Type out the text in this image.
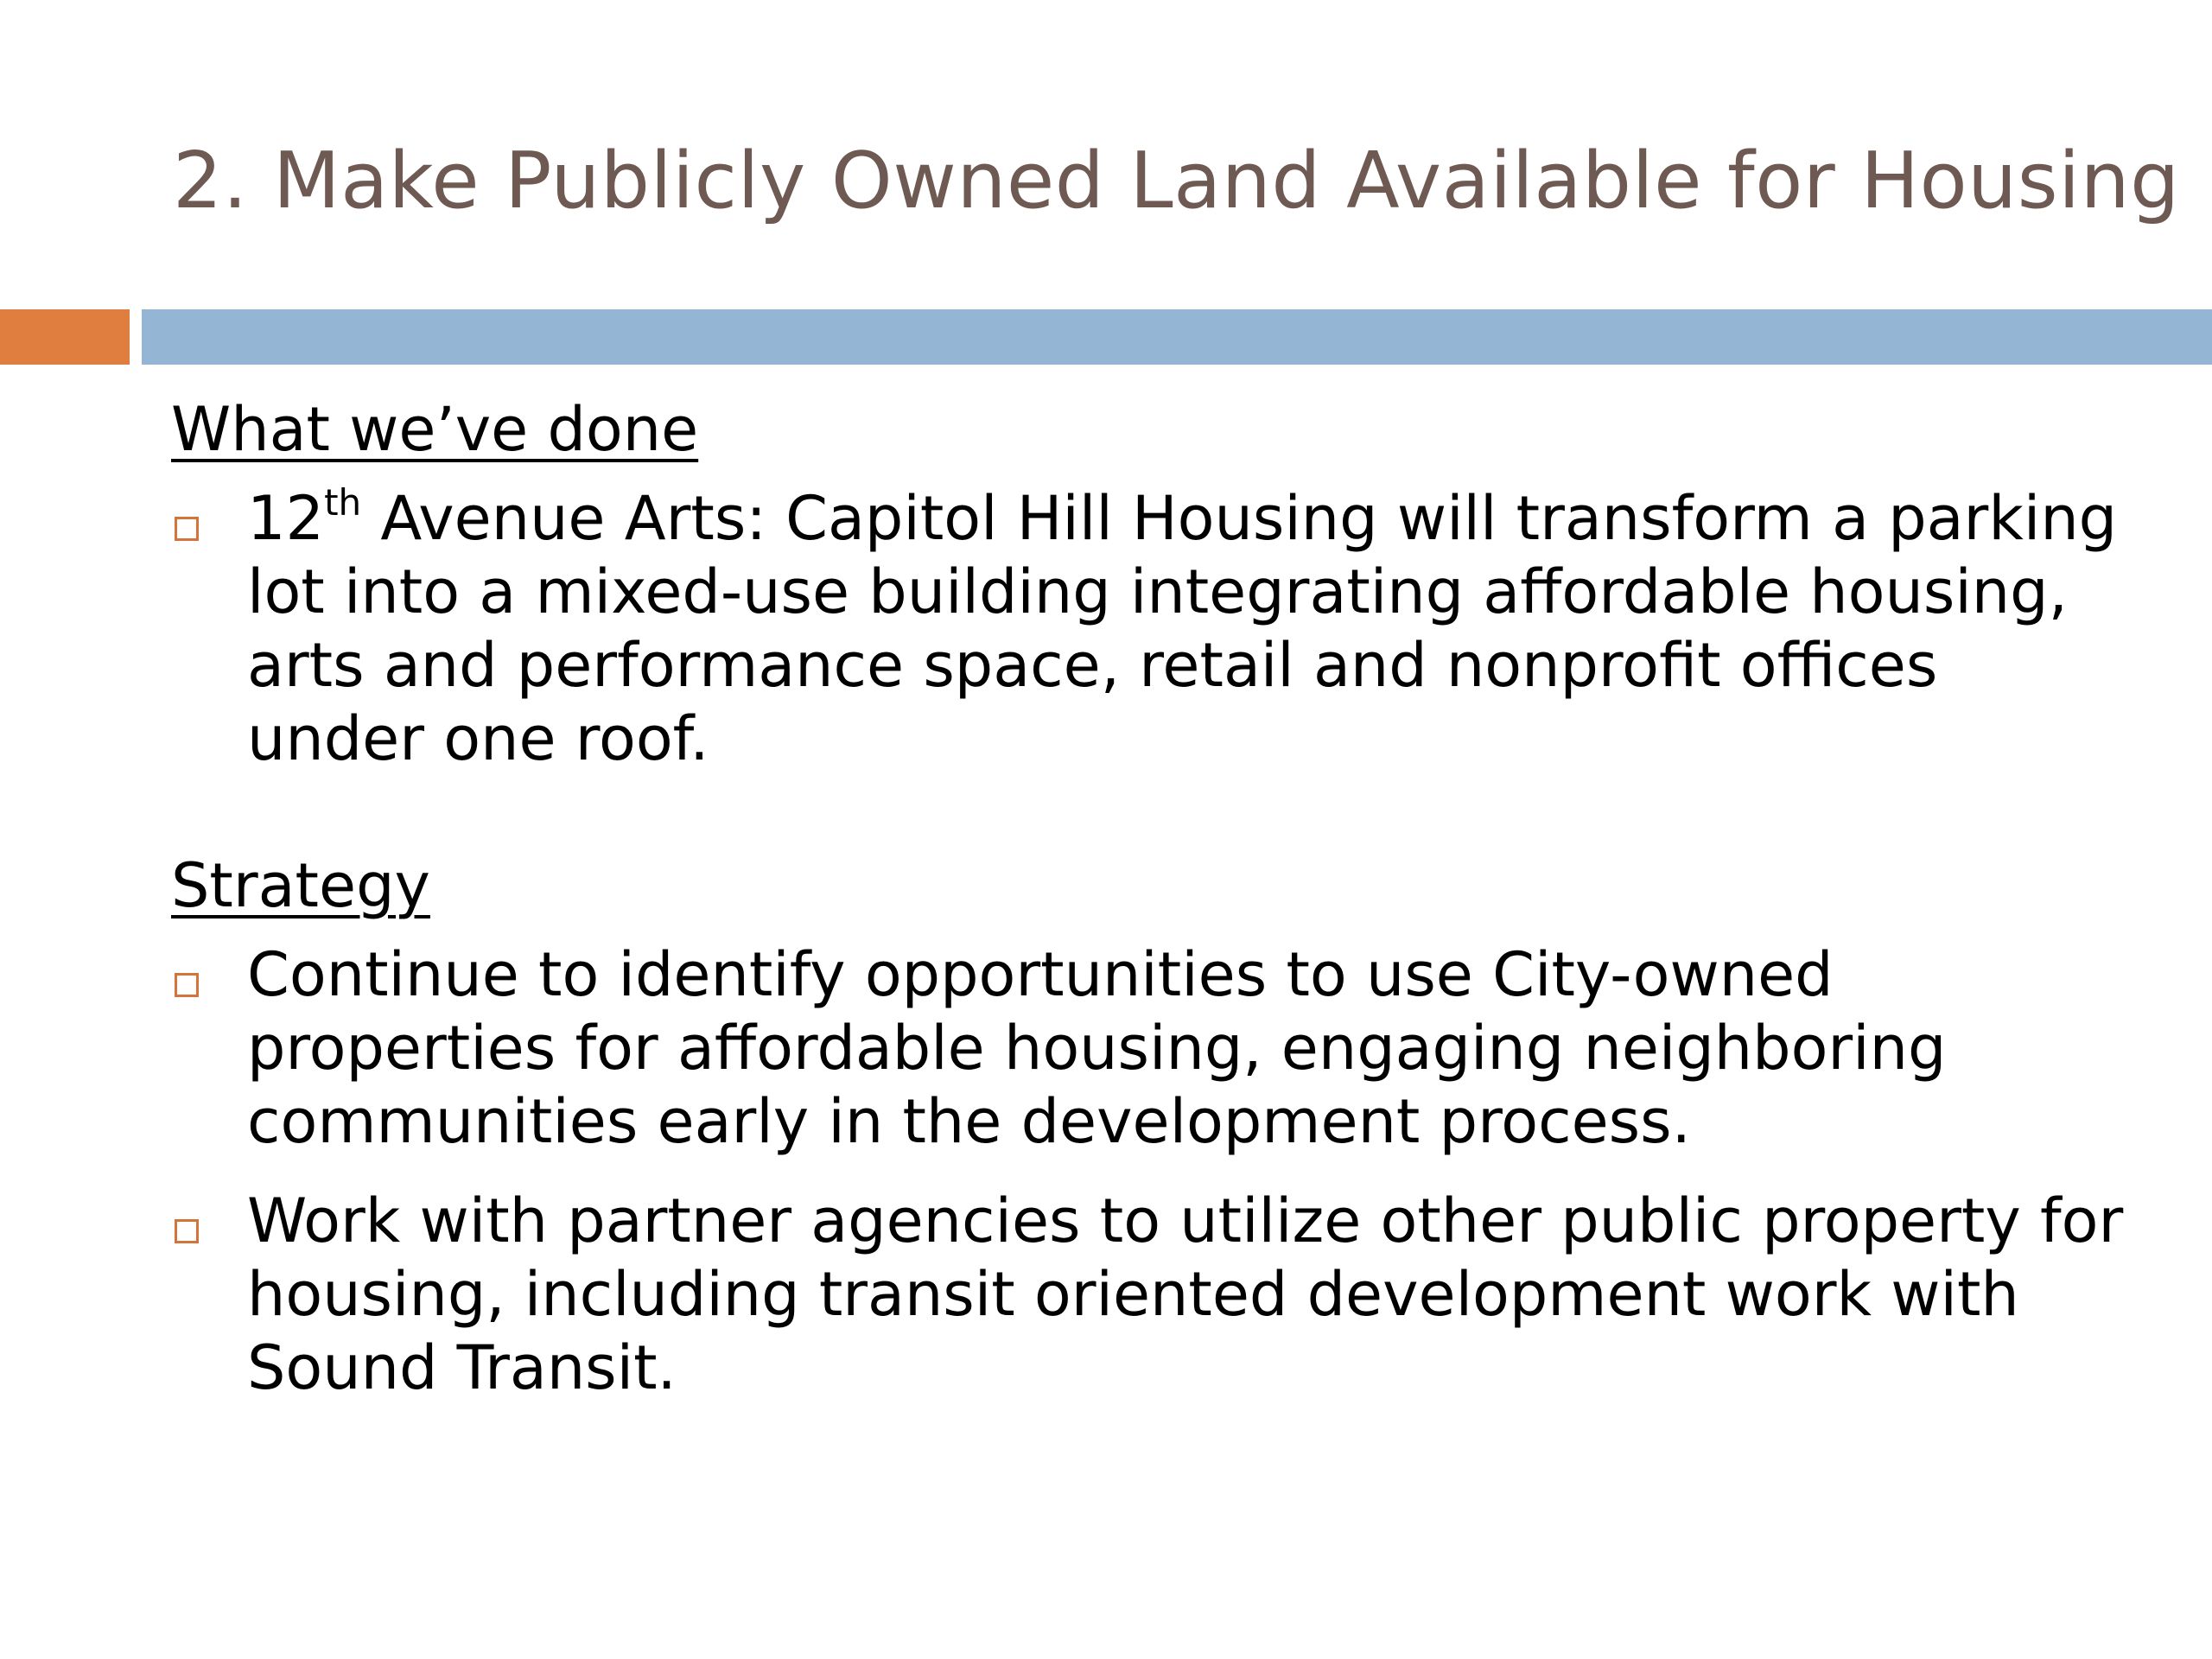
2. Make Publicly Owned Land Available for Housing
What we’ve done
12th Avenue Arts: Capitol Hill Housing will transform a parking lot into a mixed-use building integrating affordable housing, arts and performance space, retail and nonprofit offices under one roof.
Strategy
Continue to identify opportunities to use City-owned properties for affordable housing, engaging neighboring communities early in the development process.
Work with partner agencies to utilize other public property for housing, including transit oriented development work with Sound Transit.
